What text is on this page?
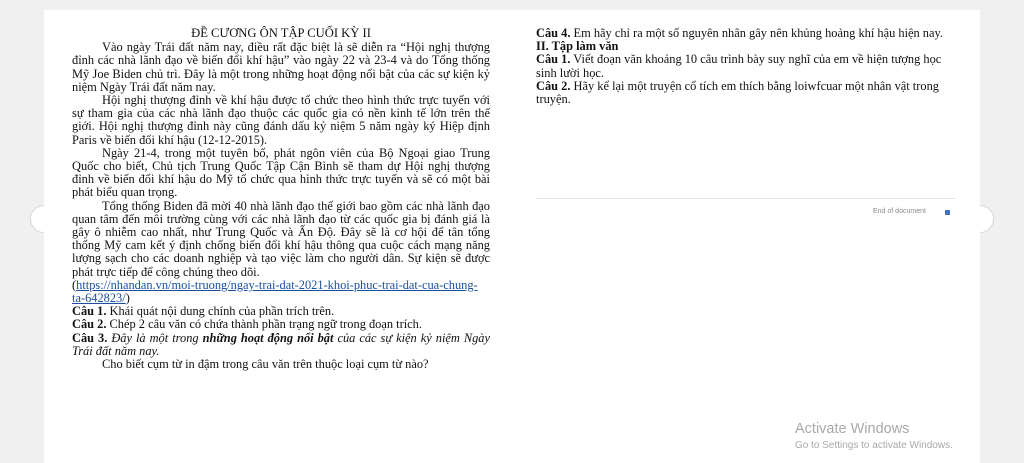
ĐỀ CƯƠNG ÔN TẬP CUỐI KỲ II

Vào ngày Trái đất năm nay, điều rất đặc biệt là sẽ diễn ra “Hội nghị thượng đỉnh các nhà lãnh đạo về biến đổi khí hậu” vào ngày 22 và 23-4 và do Tổng thống Mỹ Joe Biden chủ trì. Đây là một trong những hoạt động nổi bật của các sự kiện kỷ niệm Ngày Trái đất năm nay.

Hội nghị thượng đỉnh về khí hậu được tổ chức theo hình thức trực tuyến với sự tham gia của các nhà lãnh đạo thuộc các quốc gia có nền kinh tế lớn trên thế giới. Hội nghị thượng đỉnh này cũng đánh dấu kỷ niệm 5 năm ngày ký Hiệp định Paris về biến đổi khí hậu (12-12-2015).

Ngày 21-4, trong một tuyên bố, phát ngôn viên của Bộ Ngoại giao Trung Quốc cho biết, Chủ tịch Trung Quốc Tập Cận Bình sẽ tham dự Hội nghị thượng đỉnh về biến đổi khí hậu do Mỹ tổ chức qua hình thức trực tuyến và sẽ có một bài phát biểu quan trọng.

Tổng thống Biden đã mời 40 nhà lãnh đạo thế giới bao gồm các nhà lãnh đạo quan tâm đến môi trường cùng với các nhà lãnh đạo từ các quốc gia bị đánh giá là gây ô nhiễm cao nhất, như Trung Quốc và Ấn Độ. Đây sẽ là cơ hội để tân tổng thống Mỹ cam kết ý định chống biến đổi khí hậu thông qua cuộc cách mạng năng lượng sạch cho các doanh nghiệp và tạo việc làm cho người dân. Sự kiện sẽ được phát trực tiếp để công chúng theo dõi.

(https://nhandan.vn/moi-truong/ngay-trai-dat-2021-khoi-phuc-trai-dat-cua-chung-ta-642823/)

Câu 1. Khái quát nội dung chính của phần trích trên.

Câu 2. Chép 2 câu văn có chứa thành phần trạng ngữ trong đoạn trích.

Câu 3. Đây là một trong những hoạt động nổi bật của các sự kiện kỷ niệm Ngày Trái đất năm nay.

Cho biết cụm từ in đậm trong câu văn trên thuộc loại cụm từ nào?

Câu 4. Em hãy chỉ ra một số nguyên nhân gây nên khủng hoảng khí hậu hiện nay.

II. Tập làm văn

Câu 1. Viết đoạn văn khoảng 10 câu trình bày suy nghĩ của em về hiện tượng học sinh lười học.

Câu 2. Hãy kể lại một truyện cổ tích em thích bằng loiwfcuar một nhân vật trong truyện.

End of document
Activate Windows
Go to Settings to activate Windows.
